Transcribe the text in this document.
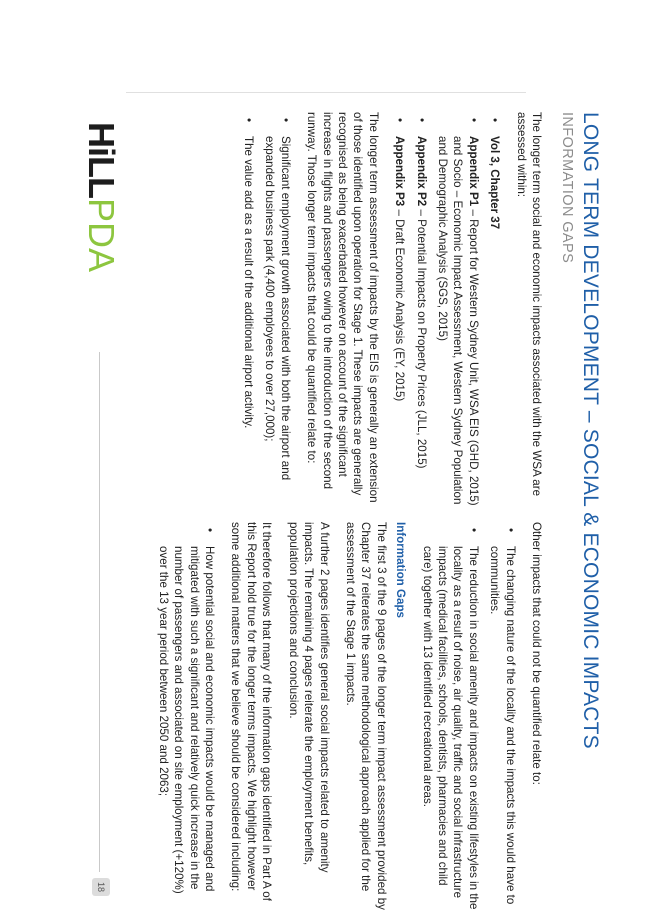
LONG TERM DEVELOPMENT – SOCIAL & ECONOMIC IMPACTS
INFORMATION GAPS

The longer term social and economic impacts associated with the WSA are assessed within:

• Vol 3, Chapter 37
• Appendix P1 – Report for Western Sydney Unit, WSA EIS (GHD, 2015) and Socio – Economic Impact Assessment, Western Sydney Population and Demographic Analysis (SGS, 2015)
• Appendix P2 – Potential Impacts on Property Prices (JLL, 2015)
• Appendix P3 – Draft Economic Analysis (EY, 2015)

The longer term assessment of impacts by the EIS is generally an extension of those identified upon operation for Stage 1. These impacts are generally recognised as being exacerbated however on account of the significant increase in flights and passengers owing to the introduction of the second runway. Those longer term impacts that could be quantified relate to:

• Significant employment growth associated with both the airport and expanded business park (4,400 employees to over 27,000);
• The value add as a result of the additional airport activity.

Other impacts that could not be quantified relate to:

• The changing nature of the locality and the impacts this would have to communities.
• The reduction in social amenity and impacts on existing lifestyles in the locality as a result of noise, air quality, traffic and social infrastructure impacts (medical facilities, schools, dentists, pharmacies and child care) together with 13 identified recreational areas.
Information Gaps

The first 3 of the 9 pages of the longer term impact assessment provided by Chapter 37 reiterates the same methodological approach applied for the assessment of the Stage 1 impacts.

A further 2 pages identifies general social impacts related to amenity impacts. The remaining 4 pages reiterate the employment benefits, population projections and conclusion.

It therefore follows that many of the information gaps identified in Part A of this Report hold true for the longer terms impacts. We highlight however some additional matters that we believe should be considered including:

• How potential social and economic impacts would be managed and mitigated with such a significant and relatively quick increase in the number of passengers and associated on site employment (+120%) over the 13 year period between 2050 and 2063;
HiLLPDA
18
